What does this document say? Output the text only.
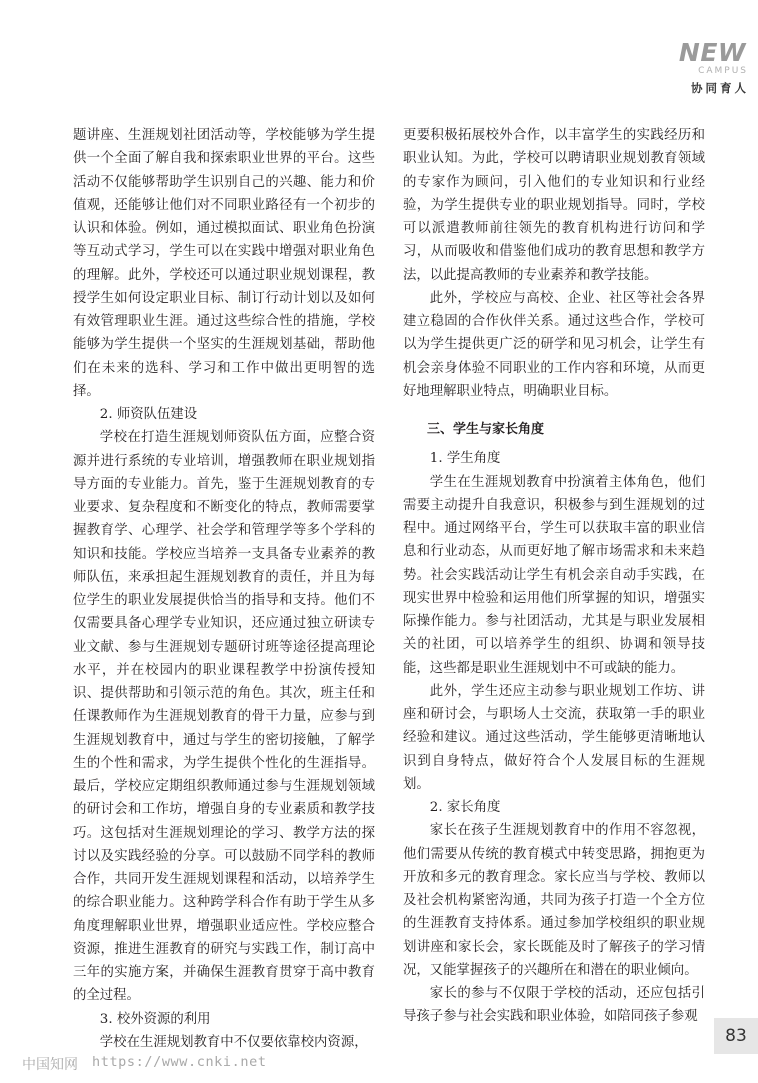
NEW
CAMPUS
协同育人

题讲座、生涯规划社团活动等，学校能够为学生提供一个全面了解自我和探索职业世界的平台。这些活动不仅能够帮助学生识别自己的兴趣、能力和价值观，还能够让他们对不同职业路径有一个初步的认识和体验。例如，通过模拟面试、职业角色扮演等互动式学习，学生可以在实践中增强对职业角色的理解。此外，学校还可以通过职业规划课程，教授学生如何设定职业目标、制订行动计划以及如何有效管理职业生涯。通过这些综合性的措施，学校能够为学生提供一个坚实的生涯规划基础，帮助他们在未来的选科、学习和工作中做出更明智的选择。

2. 师资队伍建设

学校在打造生涯规划师资队伍方面，应整合资源并进行系统的专业培训，增强教师在职业规划指导方面的专业能力。首先，鉴于生涯规划教育的专业要求、复杂程度和不断变化的特点，教师需要掌握教育学、心理学、社会学和管理学等多个学科的知识和技能。学校应当培养一支具备专业素养的教师队伍，来承担起生涯规划教育的责任，并且为每位学生的职业发展提供恰当的指导和支持。他们不仅需要具备心理学专业知识，还应通过独立研读专业文献、参与生涯规划专题研讨班等途径提高理论水平，并在校园内的职业课程教学中扮演传授知识、提供帮助和引领示范的角色。其次，班主任和任课教师作为生涯规划教育的骨干力量，应参与到生涯规划教育中，通过与学生的密切接触，了解学生的个性和需求，为学生提供个性化的生涯指导。最后，学校应定期组织教师通过参与生涯规划领域的研讨会和工作坊，增强自身的专业素质和教学技巧。这包括对生涯规划理论的学习、教学方法的探讨以及实践经验的分享。可以鼓励不同学科的教师合作，共同开发生涯规划课程和活动，以培养学生的综合职业能力。这种跨学科合作有助于学生从多角度理解职业世界，增强职业适应性。学校应整合资源，推进生涯教育的研究与实践工作，制订高中三年的实施方案，并确保生涯教育贯穿于高中教育的全过程。

3. 校外资源的利用

学校在生涯规划教育中不仅要依靠校内资源，

更要积极拓展校外合作，以丰富学生的实践经历和职业认知。为此，学校可以聘请职业规划教育领域的专家作为顾问，引入他们的专业知识和行业经验，为学生提供专业的职业规划指导。同时，学校可以派遣教师前往领先的教育机构进行访问和学习，从而吸收和借鉴他们成功的教育思想和教学方法，以此提高教师的专业素养和教学技能。

此外，学校应与高校、企业、社区等社会各界建立稳固的合作伙伴关系。通过这些合作，学校可以为学生提供更广泛的研学和见习机会，让学生有机会亲身体验不同职业的工作内容和环境，从而更好地理解职业特点，明确职业目标。

三、学生与家长角度

1. 学生角度

学生在生涯规划教育中扮演着主体角色，他们需要主动提升自我意识，积极参与到生涯规划的过程中。通过网络平台，学生可以获取丰富的职业信息和行业动态，从而更好地了解市场需求和未来趋势。社会实践活动让学生有机会亲自动手实践，在现实世界中检验和运用他们所掌握的知识，增强实际操作能力。参与社团活动，尤其是与职业发展相关的社团，可以培养学生的组织、协调和领导技能，这些都是职业生涯规划中不可或缺的能力。

此外，学生还应主动参与职业规划工作坊、讲座和研讨会，与职场人士交流，获取第一手的职业经验和建议。通过这些活动，学生能够更清晰地认识到自身特点，做好符合个人发展目标的生涯规划。

2. 家长角度

家长在孩子生涯规划教育中的作用不容忽视，他们需要从传统的教育模式中转变思路，拥抱更为开放和多元的教育理念。家长应当与学校、教师以及社会机构紧密沟通，共同为孩子打造一个全方位的生涯教育支持体系。通过参加学校组织的职业规划讲座和家长会，家长既能及时了解孩子的学习情况，又能掌握孩子的兴趣所在和潜在的职业倾向。

家长的参与不仅限于学校的活动，还应包括引导孩子参与社会实践和职业体验，如陪同孩子参观

83
中国知网 https://www.cnki.net
